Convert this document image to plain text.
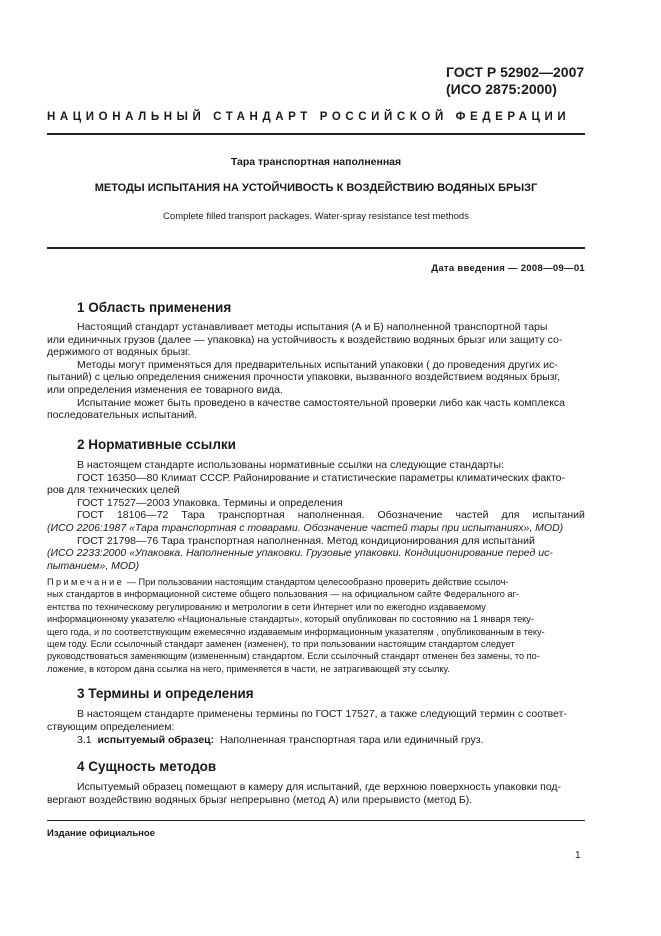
ГОСТ Р 52902—2007
(ИСО 2875:2000)
НАЦИОНАЛЬНЫЙ СТАНДАРТ РОССИЙСКОЙ ФЕДЕРАЦИИ
Тара транспортная наполненная
МЕТОДЫ ИСПЫТАНИЯ НА УСТОЙЧИВОСТЬ К ВОЗДЕЙСТВИЮ ВОДЯНЫХ БРЫЗГ
Complete filled transport packages. Water-spray resistance test methods
Дата введения — 2008—09—01
1 Область применения
Настоящий стандарт устанавливает методы испытания (А и Б) наполненной транспортной тары
или единичных грузов (далее — упаковка) на устойчивость к воздействию водяных брызг или защиту со-
держимого от водяных брызг.
Методы могут применяться для предварительных испытаний упаковки ( до проведения других ис-
пытаний) с целью определения снижения прочности упаковки, вызванного воздействием водяных брызг,
или определения изменения ее товарного вида.
Испытание может быть проведено в качестве самостоятельной проверки либо как часть комплекса
последовательных испытаний.
2 Нормативные ссылки
В настоящем стандарте использованы нормативные ссылки на следующие стандарты:
ГОСТ 16350—80 Климат СССР. Районирование и статистические параметры климатических факто-
ров для технических целей
ГОСТ 17527—2003 Упаковка. Термины и определения
ГОСТ 18106—72 Тара транспортная наполненная. Обозначение частей для испытаний
(ИСО 2206:1987 «Тара транспортная с товарами. Обозначение частей тары при испытаниях», MOD)
ГОСТ 21798—76 Тара транспортная наполненная. Метод кондиционирования для испытаний
(ИСО 2233:2000 «Упаковка. Наполненные упаковки. Грузовые упаковки. Кондиционирование перед ис-
пытанием», MOD)
Примечание — При пользовании настоящим стандартом целесообразно проверить действие ссылоч-
ных стандартов в информационной системе общего пользования — на официальном сайте Федерального аг-
ентства по техническому регулированию и метрологии в сети Интернет или по ежегодно издаваемому
информационному указателю «Национальные стандарты», который опубликован по состоянию на 1 января теку-
щего года, и по соответствующим ежемесячно издаваемым информационным указателям , опубликованным в теку-
щем году. Если ссылочный стандарт заменен (изменен), то при пользовании настоящим стандартом следует
руководствоваться заменяющим (измененным) стандартом. Если ссылочный стандарт отменен без замены, то по-
ложение, в котором дана ссылка на него, применяется в части, не затрагивающей эту ссылку.
3 Термины и определения
В настоящем стандарте применены термины по ГОСТ 17527, а также следующий термин с соответ-
ствующим определением:
3.1 испытуемый образец: Наполненная транспортная тара или единичный груз.
4 Сущность методов
Испытуемый образец помещают в камеру для испытаний, где верхнюю поверхность упаковки под-
вергают воздействию водяных брызг непрерывно (метод А) или прерывисто (метод Б).
Издание официальное
1
